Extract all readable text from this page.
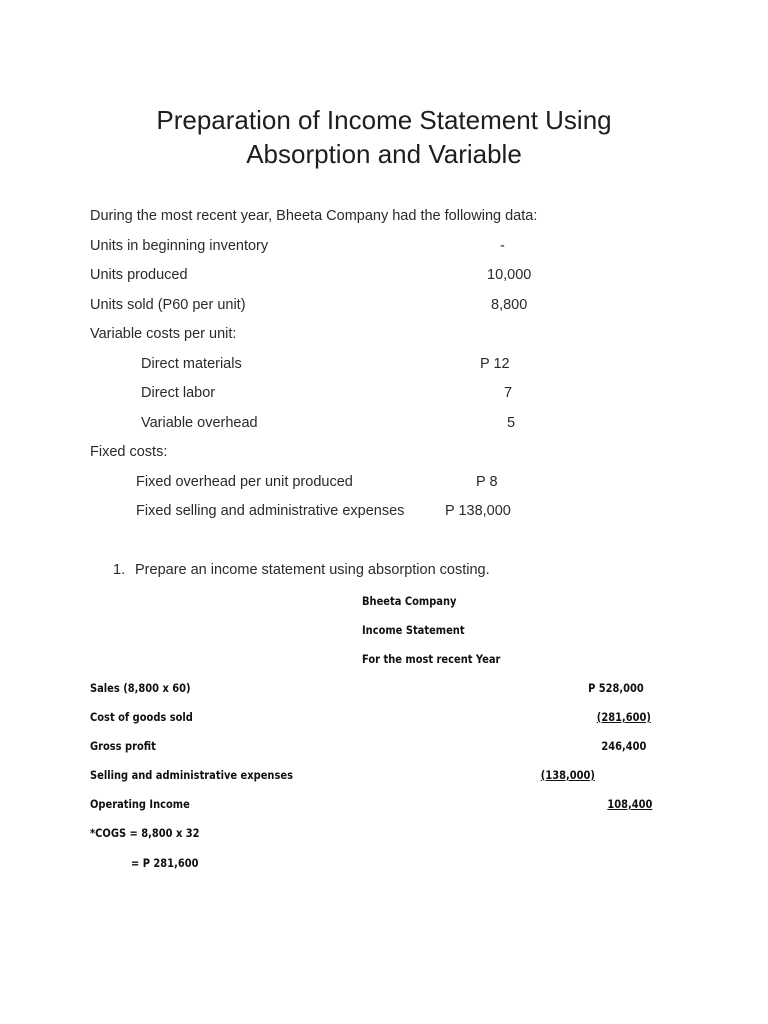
Preparation of Income Statement Using
Absorption and Variable
During the most recent year, Bheeta Company had the following data:
Units in beginning inventory	-
Units produced	10,000
Units sold (P60 per unit)	8,800
Variable costs per unit:
Direct materials	P 12
Direct labor	7
Variable overhead	5
Fixed costs:
Fixed overhead per unit produced	P 8
Fixed selling and administrative expenses	P 138,000
1. Prepare an income statement using absorption costing.
Bheeta Company
Income Statement
For the most recent Year
Sales (8,800 x 60)	P 528,000
Cost of goods sold	(281,600)
Gross profit	246,400
Selling and administrative expenses	(138,000)
Operating Income	108,400
*COGS = 8,800 x 32
= P 281,600
